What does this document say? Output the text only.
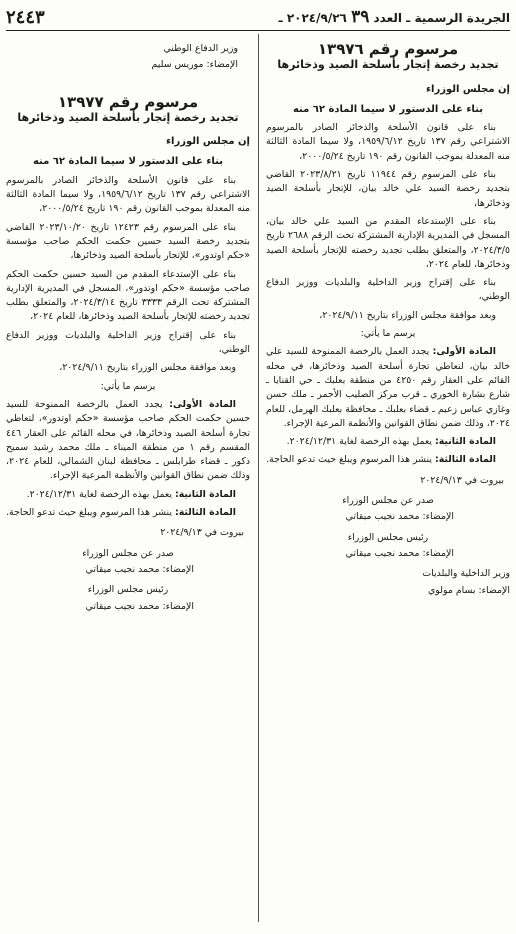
الجريدة الرسمية ـ العدد ٣٩ ٢٠٢٤/٩/٢٦ ـ
٢٤٤٣
مرسوم رقم ١٣٩٧٦
تجديد رخصة إتجار بأسلحة الصيد وذخائرها
إن مجلس الوزراء
بناء على الدستور لا سيما المادة ٦٢ منه

بناء على قانون الأسلحة والذخائر الصادر بالمرسوم الاشتراعي رقم ١٣٧ تاريخ ١٩٥٩/٦/١٢، ولا سيما المادة الثالثة منه المعدلة بموجب القانون رقم ١٩٠ تاريخ ٢٠٠٠/٥/٢٤،

بناء على المرسوم رقم ١١٩٤٤ تاريخ ٢٠٢٣/٨/٢١ القاضي بتجديد رخصة السيد علي خالد بيان، للإتجار بأسلحة الصيد وذخائرها،

بناء على الإستدعاء المقدم من السيد علي خالد بيان، المسجل في المديرية الإدارية المشتركة تحت الرقم ٢٦٨٨ تاريخ ٢٠٢٤/٣/٥، والمتعلق بطلب تجديد رخصته للإتجار بأسلحة الصيد وذخائرها، للعام ٢٠٢٤،

بناء على إقتراح وزير الداخلية والبلديات ووزير الدفاع الوطني،

وبعد موافقة مجلس الوزراء بتاريخ ٢٠٢٤/٩/١١،

يرسم ما يأتي:

المادة الأولى: يجدد العمل بالرخصة الممنوحة للسيد علي خالد بيان، لتعاطي تجارة أسلحة الصيد وذخائرها، في محله القائم على العقار رقم ٤٢٥٠ من منطقة بعلبك ـ حي القنايا ـ شارع بشارة الخوري ـ قرب مركز الصليب الأحمر ـ ملك حسن وغازي عباس زعيم ـ قضاء بعلبك ـ محافظة بعلبك الهرمل، للعام ٢٠٢٤، وذلك ضمن نطاق القوانين والأنظمة المرعية الإجراء.

المادة الثانية: يعمل بهذه الرخصة لغاية ٢٠٢٤/١٢/٣١.

المادة الثالثة: ينشر هذا المرسوم ويبلغ حيث تدعو الحاجة.

بيروت في ٢٠٢٤/٩/١٣
صدر عن مجلس الوزراء
الإمضاء: محمد نجيب ميقاتي
رئيس مجلس الوزراء
الإمضاء: محمد نجيب ميقاتي
وزير الداخلية والبلديات
الإمضاء: بسام مولوي
وزير الدفاع الوطني
الإمضاء: موريس سليم
مرسوم رقم ١٣٩٧٧
تجديد رخصة إتجار بأسلحة الصيد وذخائرها
إن مجلس الوزراء
بناء على الدستور لا سيما المادة ٦٢ منه

بناء على قانون الأسلحة والذخائر الصادر بالمرسوم الاشتراعي رقم ١٣٧ تاريخ ١٩٥٩/٦/١٢، ولا سيما المادة الثالثة منه المعدلة بموجب القانون رقم ١٩٠ تاريخ ٢٠٠٠/٥/٢٤،

بناء على المرسوم رقم ١٢٤٢٣ تاريخ ٢٠٢٣/١٠/٢٠ القاضي بتجديد رخصة السيد حسين حكمت الحكم صاحب مؤسسة «حكم اوتدور»، للإتجار بأسلحة الصيد وذخائرها،

بناء على الإستدعاء المقدم من السيد حسين حكمت الحكم صاحب مؤسسة «حكم اوتدور»، المسجل في المديرية الإدارية المشتركة تحت الرقم ٣٣٣٣ تاريخ ٢٠٢٤/٣/١٤، والمتعلق بطلب تجديد رخصته للإتجار بأسلحة الصيد وذخائرها، للعام ٢٠٢٤،

بناء على إقتراح وزير الداخلية والبلديات ووزير الدفاع الوطني،

وبعد موافقة مجلس الوزراء بتاريخ ٢٠٢٤/٩/١١،

يرسم ما يأتي:

المادة الأولى: يجدد العمل بالرخصة الممنوحة للسيد حسين حكمت الحكم صاحب مؤسسة «حكم اوتدور»، لتعاطي تجارة أسلحة الصيد وذخائرها، في محله القائم على العقار ٤٤٦ المقسم رقم ١ من منطقة الميناء ـ ملك محمد رشيد سميح ذكور ـ قضاء طرابلس ـ محافظة لبنان الشمالي، للعام ٢٠٢٤، وذلك ضمن نطاق القوانين والأنظمة المرعية الإجراء.

المادة الثانية: يعمل بهذه الرخصة لغاية ٢٠٢٤/١٢/٣١.

المادة الثالثة: ينشر هذا المرسوم ويبلغ حيث تدعو الحاجة.

بيروت في ٢٠٢٤/٩/١٣
صدر عن مجلس الوزراء
الإمضاء: محمد نجيب ميقاتي
رئيس مجلس الوزراء
الإمضاء: محمد نجيب ميقاتي
